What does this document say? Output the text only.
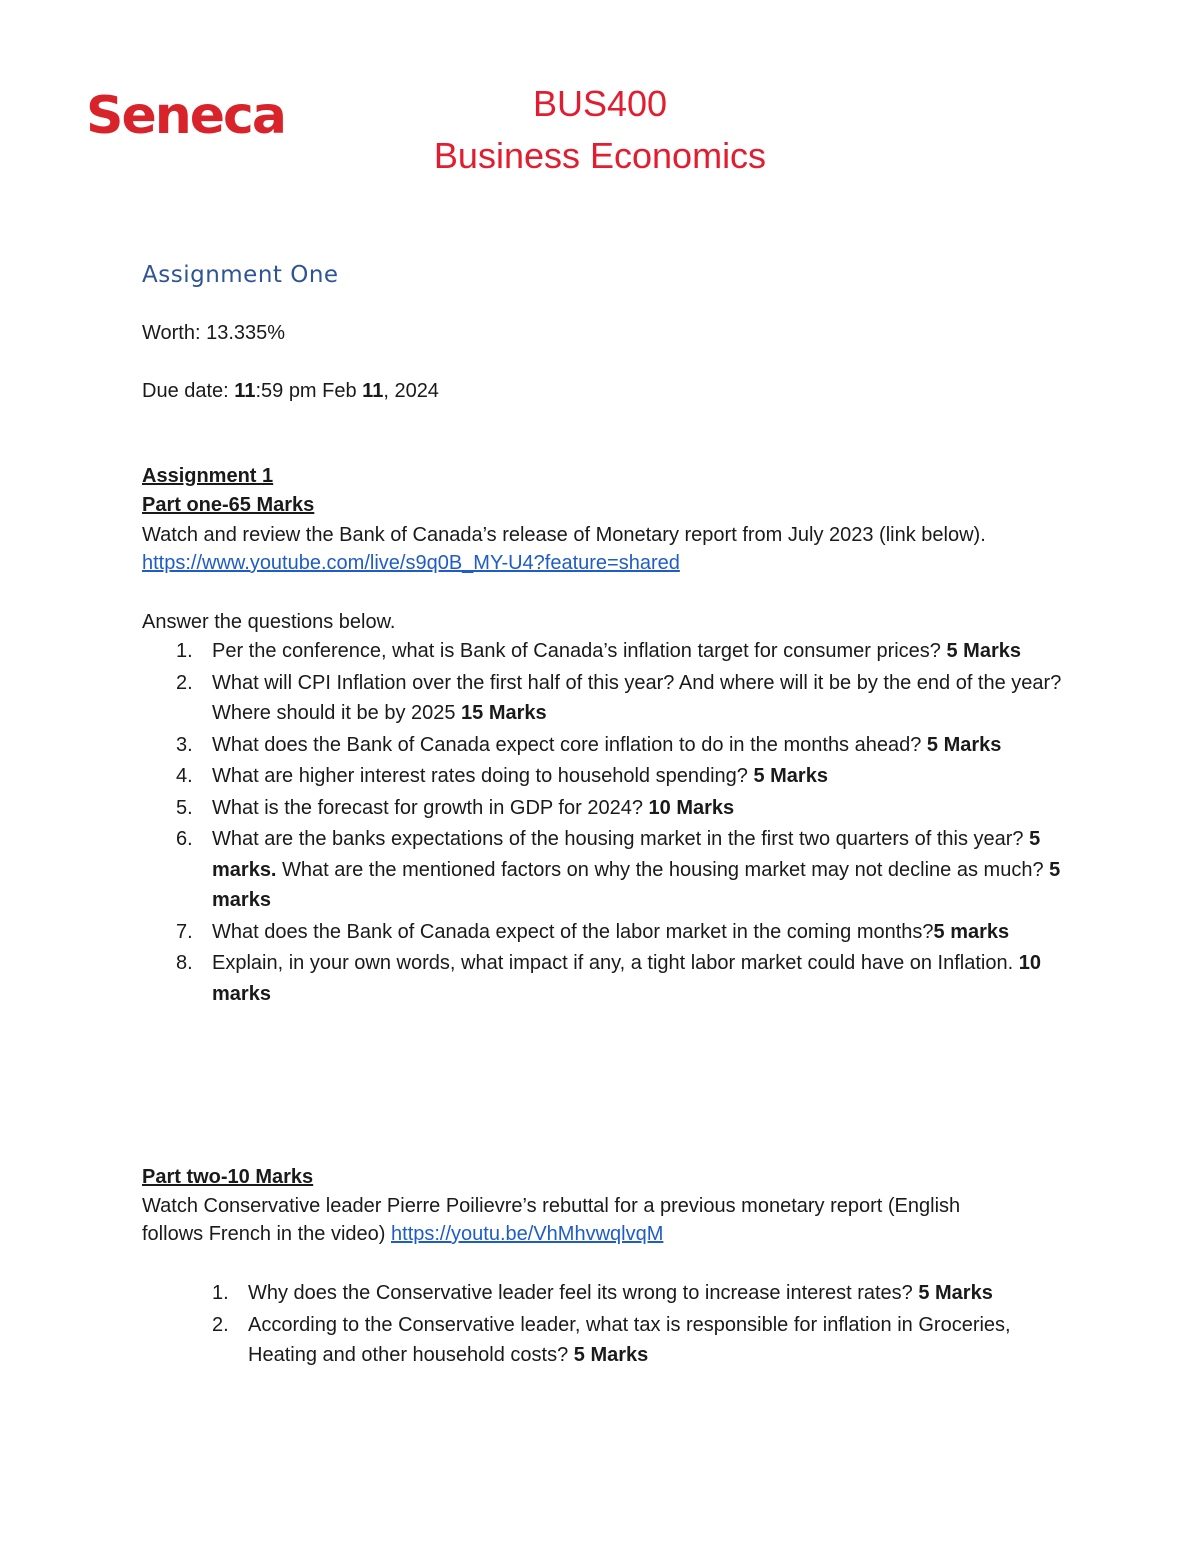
Seneca	BUS400
Business Economics
Assignment One
Worth: 13.335%
Due date: 11:59 pm Feb 11, 2024
Assignment 1
Part one-65 Marks
Watch and review the Bank of Canada’s release of Monetary report from July 2023 (link below).
https://www.youtube.com/live/s9q0B_MY-U4?feature=shared
Answer the questions below.
1. Per the conference, what is Bank of Canada’s inflation target for consumer prices? 5 Marks
2. What will CPI Inflation over the first half of this year? And where will it be by the end of the year? Where should it be by 2025 15 Marks
3. What does the Bank of Canada expect core inflation to do in the months ahead? 5 Marks
4. What are higher interest rates doing to household spending? 5 Marks
5. What is the forecast for growth in GDP for 2024? 10 Marks
6. What are the banks expectations of the housing market in the first two quarters of this year? 5 marks. What are the mentioned factors on why the housing market may not decline as much? 5 marks
7. What does the Bank of Canada expect of the labor market in the coming months?5 marks
8. Explain, in your own words, what impact if any, a tight labor market could have on Inflation. 10 marks
Part two-10 Marks
Watch Conservative leader Pierre Poilievre’s rebuttal for a previous monetary report (English
follows French in the video) https://youtu.be/VhMhvwqlvqM
1. Why does the Conservative leader feel its wrong to increase interest rates? 5 Marks
2. According to the Conservative leader, what tax is responsible for inflation in Groceries, Heating and other household costs? 5 Marks
